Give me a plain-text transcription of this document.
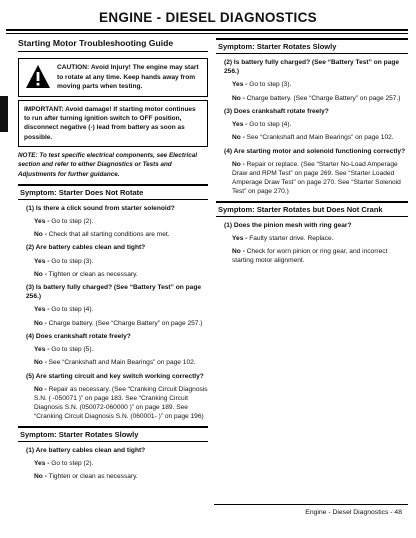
ENGINE - DIESEL DIAGNOSTICS
Starting Motor Troubleshooting Guide
CAUTION: Avoid Injury! The engine may start to rotate at any time. Keep hands away from moving parts when testing.
IMPORTANT: Avoid damage! If starting motor continues to run after turning ignition switch to OFF position, disconnect negative (-) lead from battery as soon as possible.
NOTE: To test specific electrical components, see Electrical section and refer to either Diagnostics or Tests and Adjustments for further guidance.
Symptom: Starter Does Not Rotate
(1) Is there a click sound from starter solenoid?
Yes - Go to step (2).
No - Check that all starting conditions are met.
(2) Are battery cables clean and tight?
Yes - Go to step (3).
No - Tighten or clean as necessary.
(3) Is battery fully charged? (See “Battery Test” on page 256.)
Yes - Go to step (4).
No - Charge battery. (See “Charge Battery” on page 257.)
(4) Does crankshaft rotate freely?
Yes - Go to step (5).
No - See “Crankshaft and Main Bearings” on page 102.
(5) Are starting circuit and key switch working correctly?
No - Repair as necessary. (See “Cranking Circuit Diagnosis S.N. ( -050071 )” on page 183. See “Cranking Circuit Diagnosis S.N. (050072-060000 )” on page 189. See “Cranking Circuit Diagnosis S.N. (060001- )” on page 196)
Symptom: Starter Rotates Slowly
(1) Are battery cables clean and tight?
Yes - Go to step (2).
No - Tighten or clean as necessary.
Symptom: Starter Rotates Slowly
(2) Is battery fully charged? (See “Battery Test” on page 256.)
Yes - Go to step (3).
No - Charge battery. (See “Charge Battery” on page 257.)
(3) Does crankshaft rotate freely?
Yes - Go to step (4).
No - See “Crankshaft and Main Bearings” on page 102.
(4) Are starting motor and solenoid functioning correctly?
No - Repair or replace. (See “Starter No-Load Amperage Draw and RPM Test” on page 269. See “Starter Loaded Amperage Draw Test” on page 270. See “Starter Solenoid Test” on page 270.)
Symptom: Starter Rotates but Does Not Crank
(1) Does the pinion mesh with ring gear?
Yes - Faulty starter drive. Replace.
No - Check for worn pinion or ring gear, and incorrect starting motor alignment.
Engine - Diesel Diagnostics - 48
